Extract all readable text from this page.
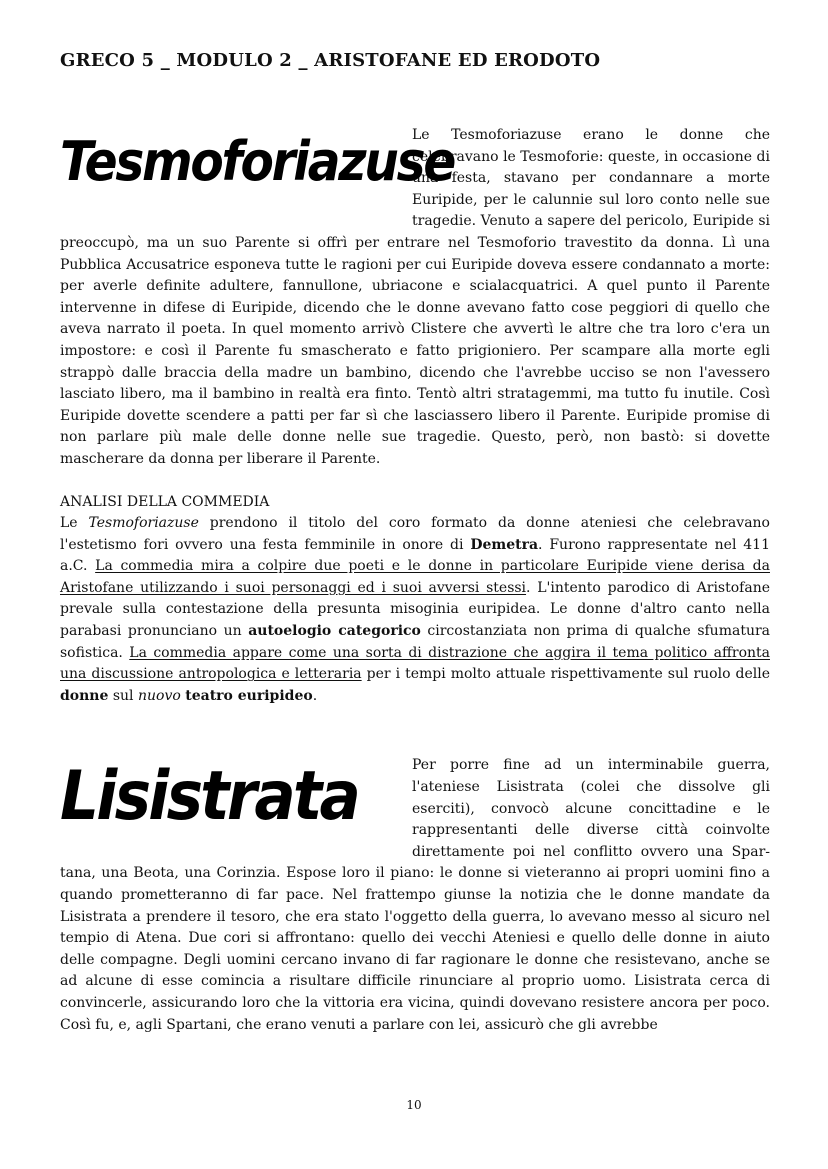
GRECO 5 _ MODULO 2 _ ARISTOFANE ED ERODOTO
Tesmoforiazuse

Le Tesmoforiazuse erano le donne che celebravano le Tesmoforie: queste, in occasione di una festa, stavano per condannare a morte Euripide, per le calunnie sul loro conto nelle sue tragedie. Venuto a sapere del pericolo, Euripide si preoccupò, ma un suo Parente si offrì per entrare nel Tesmoforio travestito da donna. Lì una Pubblica Accusatrice esponeva tutte le ragioni per cui Euripide doveva essere condannato a morte: per averle definite adultere, fannullone, ubriacone e scialacquatrici. A quel punto il Parente intervenne in difese di Euripide, dicendo che le donne avevano fatto cose peggiori di quello che aveva narrato il poeta. In quel momento arrivò Clistere che avvertì le altre che tra loro c'era un impostore: e così il Parente fu smascherato e fatto prigioniero. Per scampare alla morte egli strappò dalle braccia della madre un bambino, dicendo che l'avrebbe ucciso se non l'avessero lasciato libero, ma il bambino in realtà era finto. Tentò altri stratagemmi, ma tutto fu inutile. Così Euripide dovette scendere a patti per far sì che lasciassero libero il Parente. Euripide promise di non parlare più male delle donne nelle sue tragedie. Questo, però, non bastò: si dovette mascherare da donna per liberare il Parente.

ANALISI DELLA COMMEDIA

Le Tesmoforiazuse prendono il titolo del coro formato da donne ateniesi che celebravano l'estetismo fori ovvero una festa femminile in onore di Demetra. Furono rappresentate nel 411 a.C. La commedia mira a colpire due poeti e le donne in particolare Euripide viene derisa da Aristofane utilizzando i suoi personaggi ed i suoi avversi stessi. L'intento parodico di Aristofane prevale sulla contestazione della presunta misoginia euripidea. Le donne d'altro canto nella parabasi pronunciano un autoelogio categorico circostanziata non prima di qualche sfumatura sofistica. La commedia appare come una sorta di distrazione che aggira il tema politico affronta una discussione antropologica e letteraria per i tempi molto attuale rispettivamente sul ruolo delle donne sul nuovo teatro euripideo.

Lisistrata	Per porre fine ad un interminabile guerra, l'ateniese Lisistrata (colei che dissolve gli eserciti), convocò alcune concittadine e le rappresentanti delle diverse città coinvolte direttamente poi nel conflitto ovvero una Spar-tana, una Beota, una Corinzia. Espose loro il piano: le donne si vieteranno ai propri uomini fino a quando prometteranno di far pace. Nel frattempo giunse la notizia che le donne mandate da Lisistrata a prendere il tesoro, che era stato l'oggetto della guerra, lo avevano messo al sicuro nel tempio di Atena. Due cori si affrontano: quello dei vecchi Ateniesi e quello delle donne in aiuto delle compagne. Degli uomini cercano invano di far ragionare le donne che resistevano, anche se ad alcune di esse comincia a risultare difficile rinunciare al proprio uomo. Lisistrata cerca di convincerle, assicurando loro che la vittoria era vicina, quindi dovevano resistere ancora per poco. Così fu, e, agli Spartani, che erano venuti a parlare con lei, assicurò che gli avrebbe

10
